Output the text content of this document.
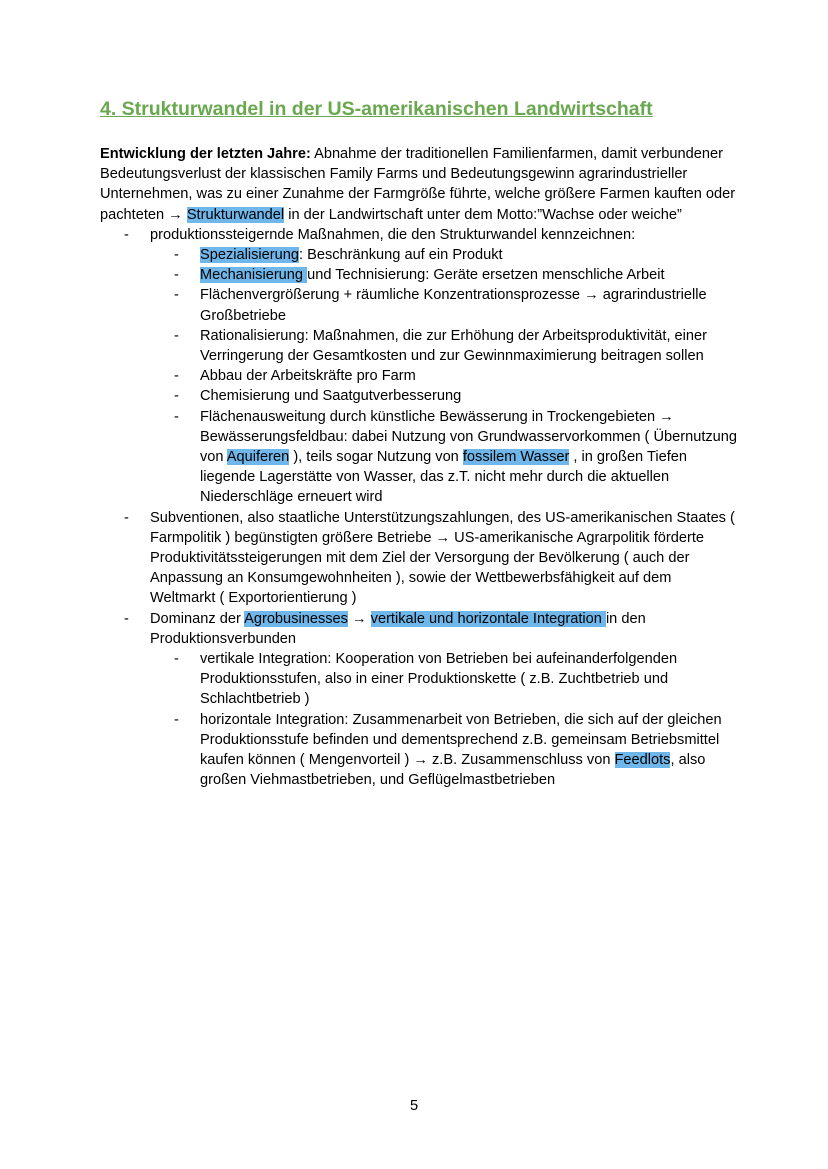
4. Strukturwandel in der US-amerikanischen Landwirtschaft

Entwicklung der letzten Jahre: Abnahme der traditionellen Familienfarmen, damit verbundener Bedeutungsverlust der klassischen Family Farms und Bedeutungsgewinn agrarindustrieller Unternehmen, was zu einer Zunahme der Farmgröße führte, welche größere Farmen kauften oder pachteten → Strukturwandel in der Landwirtschaft unter dem Motto:”Wachse oder weiche”

- produktionssteigernde Maßnahmen, die den Strukturwandel kennzeichnen:
- Spezialisierung: Beschränkung auf ein Produkt
- Mechanisierung und Technisierung: Geräte ersetzen menschliche Arbeit
- Flächenvergrößerung + räumliche Konzentrationsprozesse → agrarindustrielle Großbetriebe
- Rationalisierung: Maßnahmen, die zur Erhöhung der Arbeitsproduktivität, einer Verringerung der Gesamtkosten und zur Gewinnmaximierung beitragen sollen
- Abbau der Arbeitskräfte pro Farm
- Chemisierung und Saatgutverbesserung
- Flächenausweitung durch künstliche Bewässerung in Trockengebieten → Bewässerungsfeldbau: dabei Nutzung von Grundwasservorkommen ( Übernutzung von Aquiferen ), teils sogar Nutzung von fossilem Wasser , in großen Tiefen liegende Lagerstätte von Wasser, das z.T. nicht mehr durch die aktuellen Niederschläge erneuert wird
- Subventionen, also staatliche Unterstützungszahlungen, des US-amerikanischen Staates ( Farmpolitik ) begünstigten größere Betriebe → US-amerikanische Agrarpolitik förderte Produktivitätssteigerungen mit dem Ziel der Versorgung der Bevölkerung ( auch der Anpassung an Konsumgewohnheiten ), sowie der Wettbewerbsfähigkeit auf dem Weltmarkt ( Exportorientierung )
- Dominanz der Agrobusinesses → vertikale und horizontale Integration in den Produktionsverbunden
- vertikale Integration: Kooperation von Betrieben bei aufeinanderfolgenden Produktionsstufen, also in einer Produktionskette ( z.B. Zuchtbetrieb und Schlachtbetrieb )
- horizontale Integration: Zusammenarbeit von Betrieben, die sich auf der gleichen Produktionsstufe befinden und dementsprechend z.B. gemeinsam Betriebsmittel kaufen können ( Mengenvorteil ) → z.B. Zusammenschluss von Feedlots, also großen Viehmastbetrieben, und Geflügelmastbetrieben
5
